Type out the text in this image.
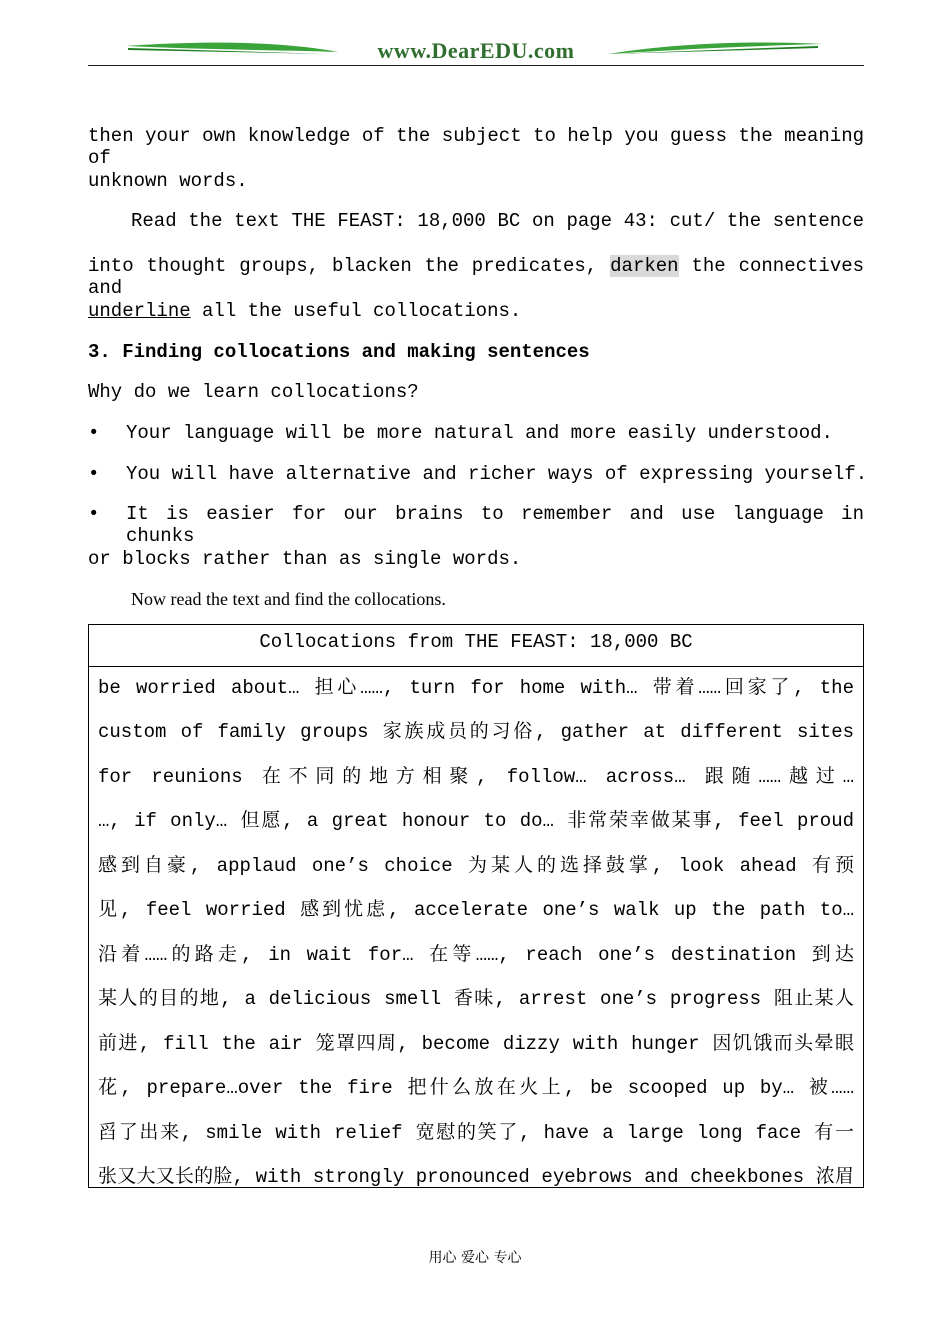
www.DearEDU.com
then your own knowledge of the subject to help you guess the meaning of
unknown words.
Read the text THE FEAST: 18,000 BC on page 43: cut/ the sentence
into thought groups, blacken the predicates, darken the connectives and
underline all the useful collocations.
3. Finding collocations and making sentences
Why do we learn collocations?
• Your language will be more natural and more easily understood.
• You will have alternative and richer ways of expressing yourself.
• It is easier for our brains to remember and use language in chunks
or blocks rather than as single words.
Now read the text and find the collocations.
Collocations from THE FEAST: 18,000 BC
be worried about… 担心……, turn for home with… 带着……回家了, the
custom of family groups 家族成员的习俗, gather at different sites
for reunions 在不同的地方相聚, follow… across… 跟随……越过…
…, if only… 但愿, a great honour to do… 非常荣幸做某事, feel proud
感到自豪, applaud one’s choice 为某人的选择鼓掌, look ahead 有预
见, feel worried 感到忧虑, accelerate one’s walk up the path to…
沿着……的路走, in wait for… 在等……, reach one’s destination 到达
某人的目的地, a delicious smell 香味, arrest one’s progress 阻止某人
前进, fill the air 笼罩四周, become dizzy with hunger 因饥饿而头晕眼
花, prepare…over the fire 把什么放在火上, be scooped up by… 被……
舀了出来, smile with relief 宽慰的笑了, have a large long face 有一
张又大又长的脸, with strongly pronounced eyebrows and cheekbones 浓眉
用心 爱心 专心
